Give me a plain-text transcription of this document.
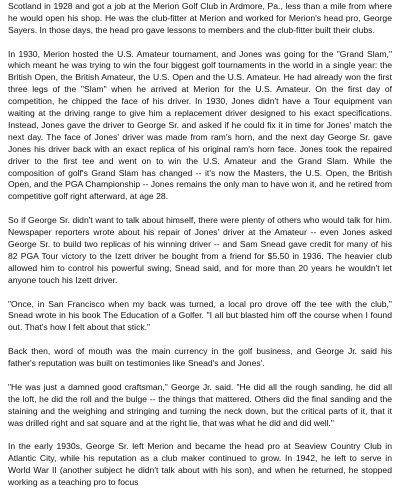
Scotland in 1928 and got a job at the Merion Golf Club in Ardmore, Pa., less than a mile from where he would open his shop. He was the club-fitter at Merion and worked for Merion's head pro, George Sayers. In those days, the head pro gave lessons to members and the club-fitter built their clubs.

In 1930, Merion hosted the U.S. Amateur tournament, and Jones was going for the "Grand Slam," which meant he was trying to win the four biggest golf tournaments in the world in a single year: the British Open, the British Amateur, the U.S. Open and the U.S. Amateur. He had already won the first three legs of the "Slam" when he arrived at Merion for the U.S. Amateur. On the first day of competition, he chipped the face of his driver. In 1930, Jones didn't have a Tour equipment van waiting at the driving range to give him a replacement driver designed to his exact specifications. Instead, Jones gave the driver to George Sr. and asked if he could fix it in time for Jones' match the next day. The face of Jones' driver was made from ram's horn, and the next day George Sr. gave Jones his driver back with an exact replica of his original ram's horn face. Jones took the repaired driver to the first tee and went on to win the U.S. Amateur and the Grand Slam. While the composition of golf's Grand Slam has changed -- it's now the Masters, the U.S. Open, the British Open, and the PGA Championship -- Jones remains the only man to have won it, and he retired from competitive golf right afterward, at age 28.

So if George Sr. didn't want to talk about himself, there were plenty of others who would talk for him. Newspaper reporters wrote about his repair of Jones' driver at the Amateur -- even Jones asked George Sr. to build two replicas of his winning driver -- and Sam Snead gave credit for many of his 82 PGA Tour victory to the Izett driver he bought from a friend for $5.50 in 1936. The heavier club allowed him to control his powerful swing, Snead said, and for more than 20 years he wouldn't let anyone touch his Izett driver.

"Once, in San Francisco when my back was turned, a local pro drove off the tee with the club," Snead wrote in his book The Education of a Golfer. "I all but blasted him off the course when I found out. That's how I felt about that stick."

Back then, word of mouth was the main currency in the golf business, and George Jr. said his father's reputation was built on testimonies like Snead's and Jones'.

"He was just a damned good craftsman," George Jr. said. "He did all the rough sanding, he did all the loft, he did the roll and the bulge -- the things that mattered. Others did the final sanding and the staining and the weighing and stringing and turning the neck down, but the critical parts of it, that it was drilled right and sat square and at the right lie, that was what he did and did well."

In the early 1930s, George Sr. left Merion and became the head pro at Seaview Country Club in Atlantic City, while his reputation as a club maker continued to grow. In 1942, he left to serve in World War II (another subject he didn't talk about with his son), and when he returned, he stopped working as a teaching pro to focus
